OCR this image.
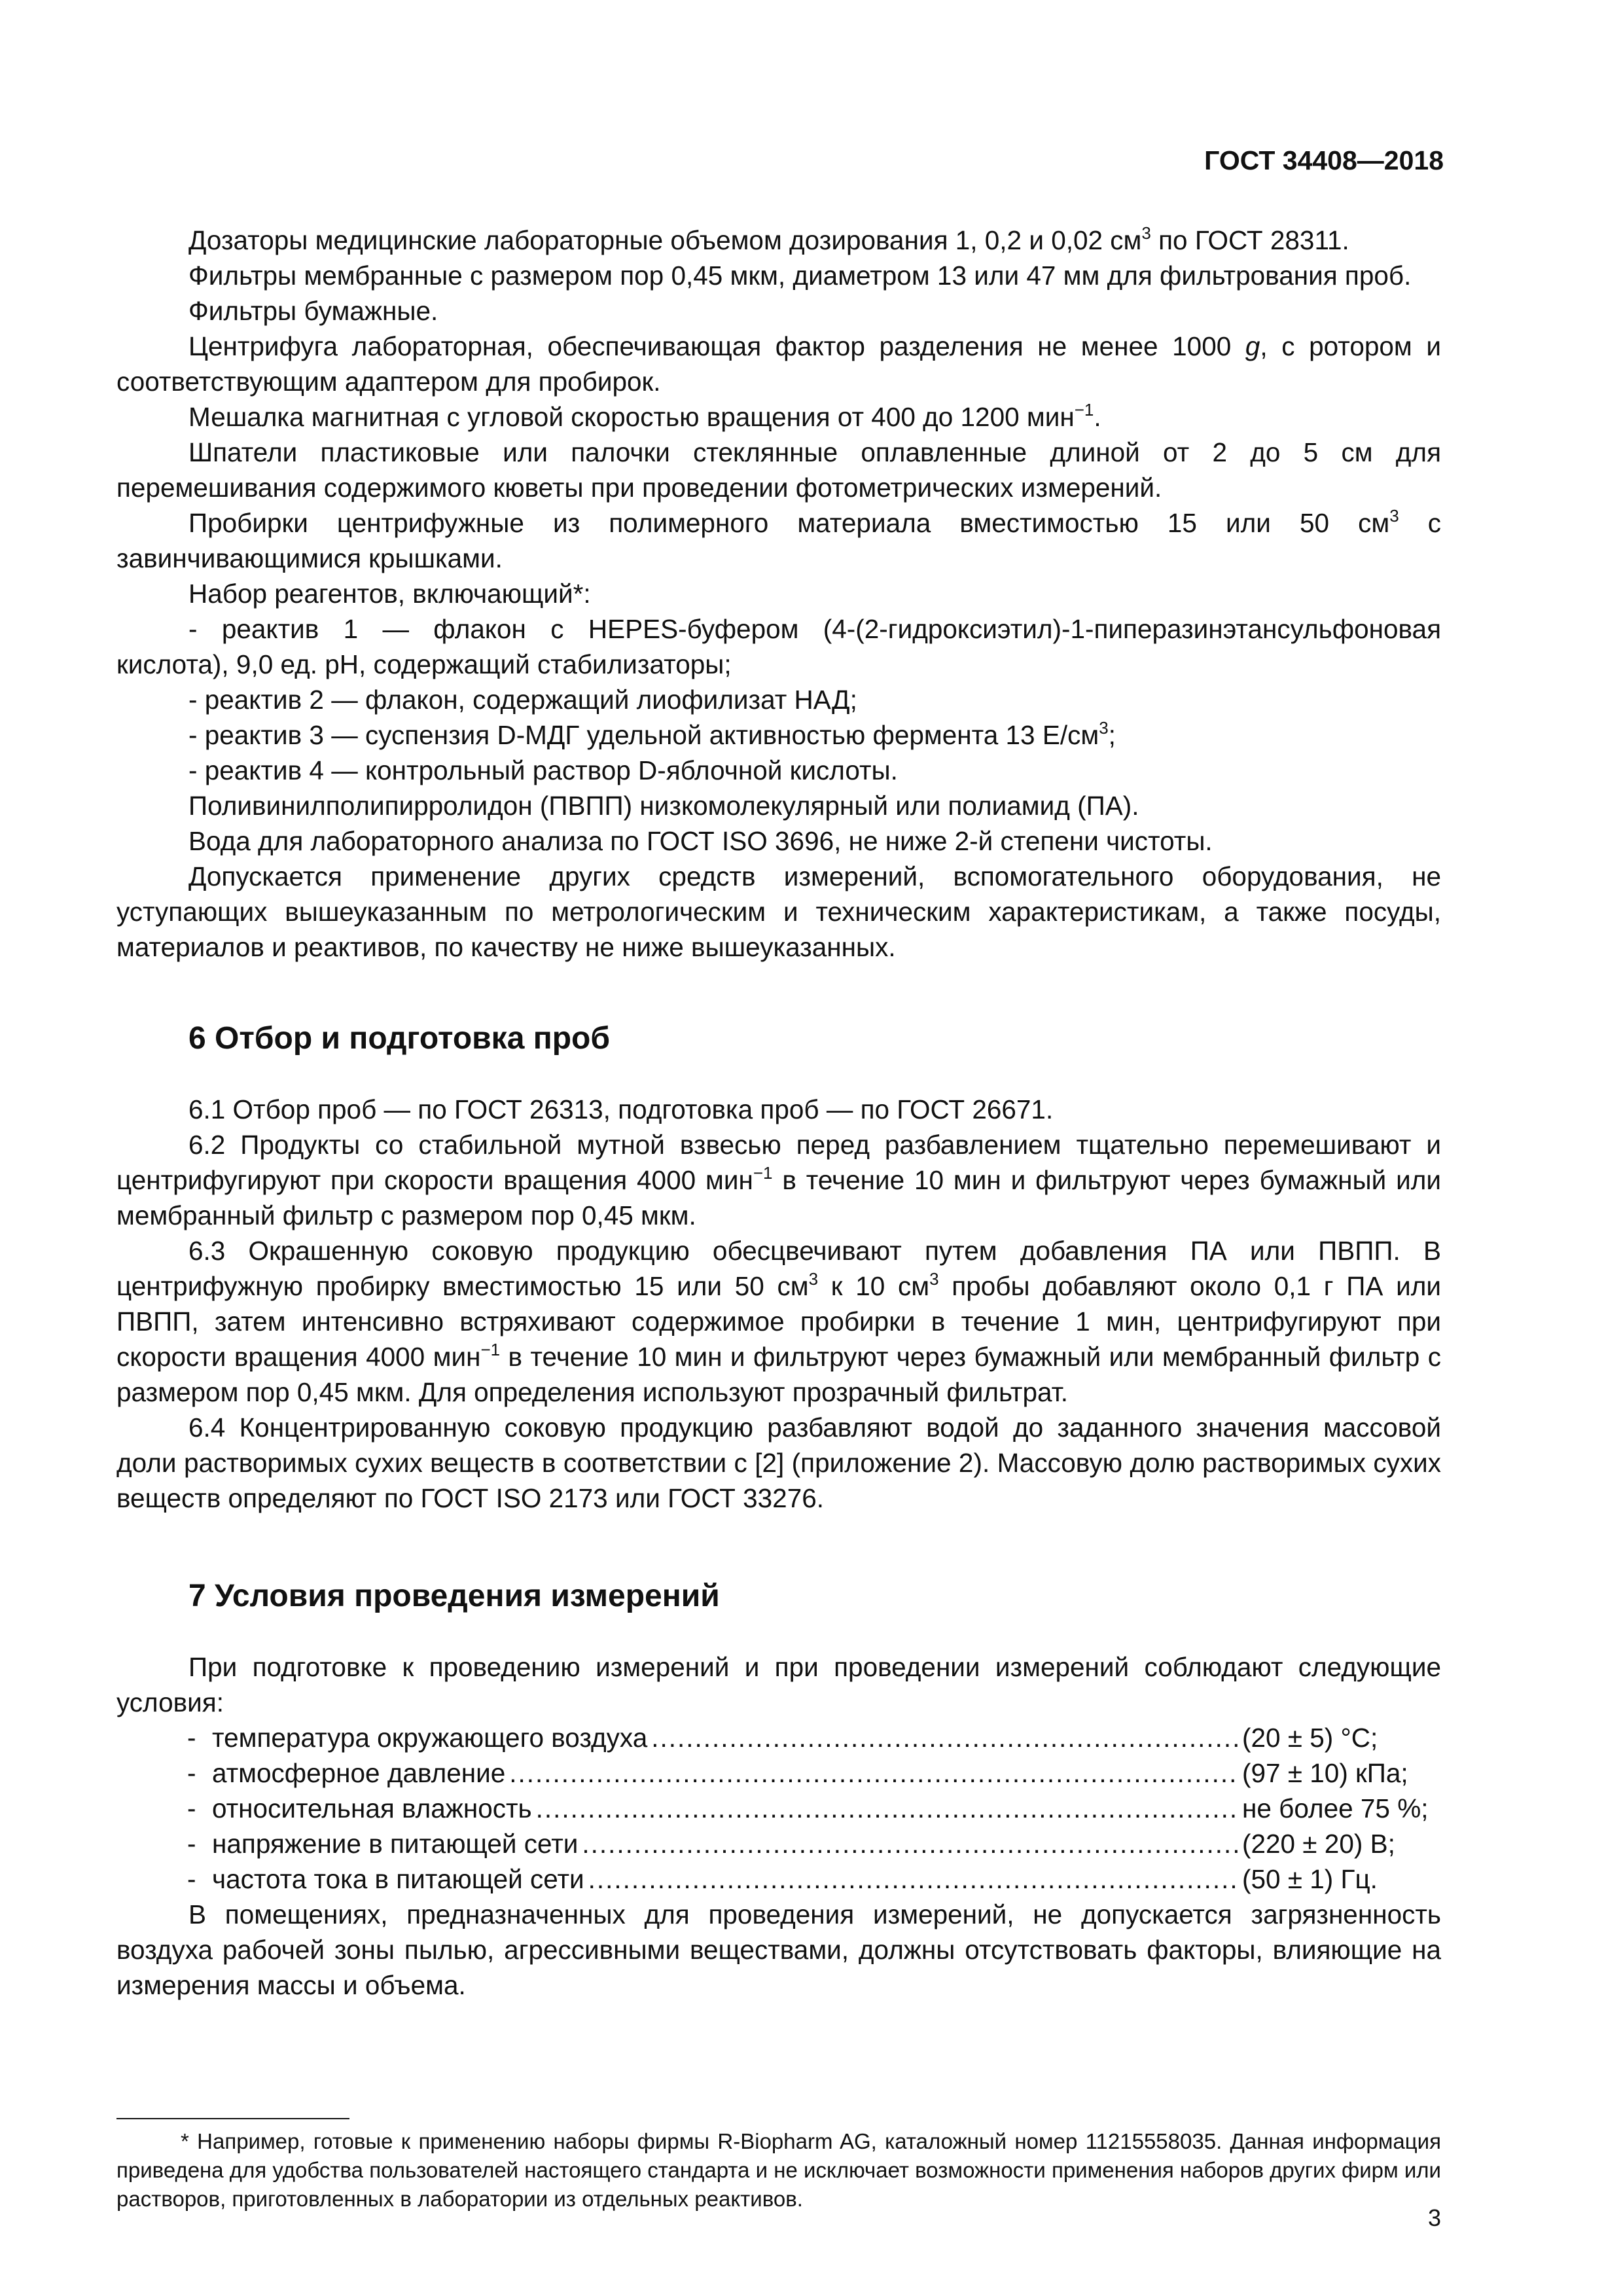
ГОСТ 34408—2018

Дозаторы медицинские лабораторные объемом дозирования 1, 0,2 и 0,02 $см^3$ по ГОСТ 28311.

Фильтры мембранные с размером пор 0,45 мкм, диаметром 13 или 47 мм для фильтрования проб.

Фильтры бумажные.

Центрифуга лабораторная, обеспечивающая фактор разделения не менее 1000 g, с ротором и соответствующим адаптером для пробирок.

Мешалка магнитная с угловой скоростью вращения от 400 до 1200 мин$^{-1}$.

Шпатели пластиковые или палочки стеклянные оплавленные длиной от 2 до 5 см для перемешивания содержимого кюветы при проведении фотометрических измерений.

Пробирки центрифужные из полимерного материала вместимостью 15 или 50 $см^3$ с завинчивающимися крышками.

Набор реагентов, включающий*:

- реактив 1 — флакон с HEPES-буфером (4-(2-гидроксиэтил)-1-пиперазинэтансульфоновая кислота), 9,0 ед. pH, содержащий стабилизаторы;

- реактив 2 — флакон, содержащий лиофилизат НАД;

- реактив 3 — суспензия D-МДГ удельной активностью фермента 13 $Е/см^3$;

- реактив 4 — контрольный раствор D-яблочной кислоты.

Поливинилполипирролидон (ПВПП) низкомолекулярный или полиамид (ПА).

Вода для лабораторного анализа по ГОСТ ISO 3696, не ниже 2-й степени чистоты.

Допускается применение других средств измерений, вспомогательного оборудования, не уступающих вышеуказанным по метрологическим и техническим характеристикам, а также посуды, материалов и реактивов, по качеству не ниже вышеуказанных.

6 Отбор и подготовка проб

6.1 Отбор проб — по ГОСТ 26313, подготовка проб — по ГОСТ 26671.

6.2 Продукты со стабильной мутной взвесью перед разбавлением тщательно перемешивают и центрифугируют при скорости вращения 4000 мин$^{-1}$ в течение 10 мин и фильтруют через бумажный или мембранный фильтр с размером пор 0,45 мкм.

6.3 Окрашенную соковую продукцию обесцвечивают путем добавления ПА или ПВПП. В центрифужную пробирку вместимостью 15 или 50 $см^3$ к 10 $см^3$ пробы добавляют около 0,1 г ПА или ПВПП, затем интенсивно встряхивают содержимое пробирки в течение 1 мин, центрифугируют при скорости вращения 4000 мин$^{-1}$ в течение 10 мин и фильтруют через бумажный или мембранный фильтр с размером пор 0,45 мкм. Для определения используют прозрачный фильтрат.

6.4 Концентрированную соковую продукцию разбавляют водой до заданного значения массовой доли растворимых сухих веществ в соответствии с [2] (приложение 2). Массовую долю растворимых сухих веществ определяют по ГОСТ ISO 2173 или ГОСТ 33276.

7 Условия проведения измерений

При подготовке к проведению измерений и при проведении измерений соблюдают следующие условия:

- температура окружающего воздуха .....	(20 ± 5) °С;
- атмосферное давление .....	(97 ± 10) кПа;
- относительная влажность .....	не более 75 %;
- напряжение в питающей сети .....	(220 ± 20) В;
- частота тока в питающей сети .....	(50 ± 1) Гц.

В помещениях, предназначенных для проведения измерений, не допускается загрязненность воздуха рабочей зоны пылью, агрессивными веществами, должны отсутствовать факторы, влияющие на измерения массы и объема.

* Например, готовые к применению наборы фирмы R-Biopharm AG, каталожный номер 11215558035. Данная информация приведена для удобства пользователей настоящего стандарта и не исключает возможности применения наборов других фирм или растворов, приготовленных в лаборатории из отдельных реактивов.

3
